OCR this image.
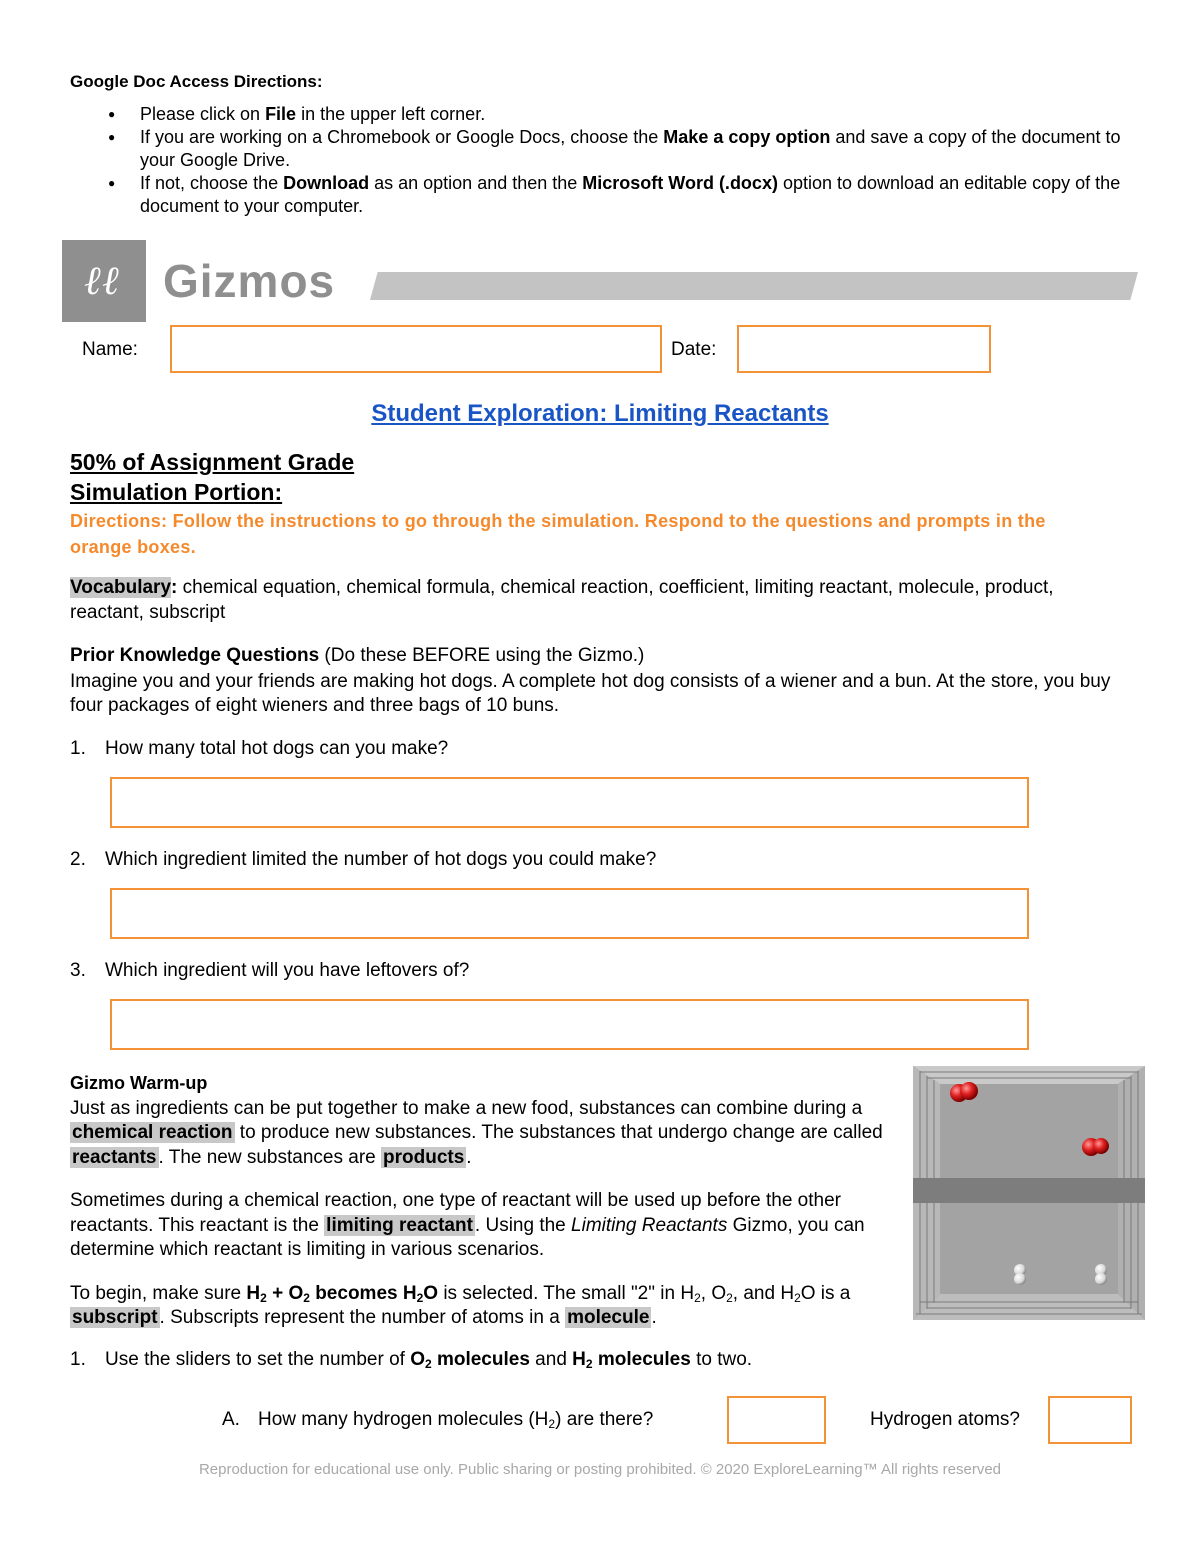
Google Doc Access Directions:
● Please click on File in the upper left corner.
● If you are working on a Chromebook or Google Docs, choose the Make a copy option and save a copy of the document to your Google Drive.
● If not, choose the Download as an option and then the Microsoft Word (.docx) option to download an editable copy of the document to your computer.
ℓ ℓ Gizmos
Name:	Date:
Student Exploration: Limiting Reactants
50% of Assignment Grade
Simulation Portion:
Directions: Follow the instructions to go through the simulation. Respond to the questions and prompts in the orange boxes.
Vocabulary: chemical equation, chemical formula, chemical reaction, coefficient, limiting reactant, molecule, product, reactant, subscript
Prior Knowledge Questions (Do these BEFORE using the Gizmo.)
Imagine you and your friends are making hot dogs. A complete hot dog consists of a wiener and a bun. At the store, you buy four packages of eight wieners and three bags of 10 buns.
1. How many total hot dogs can you make?
2. Which ingredient limited the number of hot dogs you could make?
3. Which ingredient will you have leftovers of?
Gizmo Warm-up
Just as ingredients can be put together to make a new food, substances can combine during a chemical reaction to produce new substances. The substances that undergo change are called reactants . The new substances are products .
Sometimes during a chemical reaction, one type of reactant will be used up before the other reactants. This reactant is the limiting reactant . Using the Limiting Reactants Gizmo, you can determine which reactant is limiting in various scenarios.
To begin, make sure $H_2 + O_2$ becomes $H_2O$ is selected. The small "2" in $H_2$, $O_2$, and $H_2O$ is a subscript . Subscripts represent the number of atoms in a molecule .
1. Use the sliders to set the number of $O_2$ molecules and $H_2$ molecules to two.
A. How many hydrogen molecules $(H_2)$ are there?	Hydrogen atoms?
Reproduction for educational use only. Public sharing or posting prohibited. © 2020 ExploreLearning™ All rights reserved
